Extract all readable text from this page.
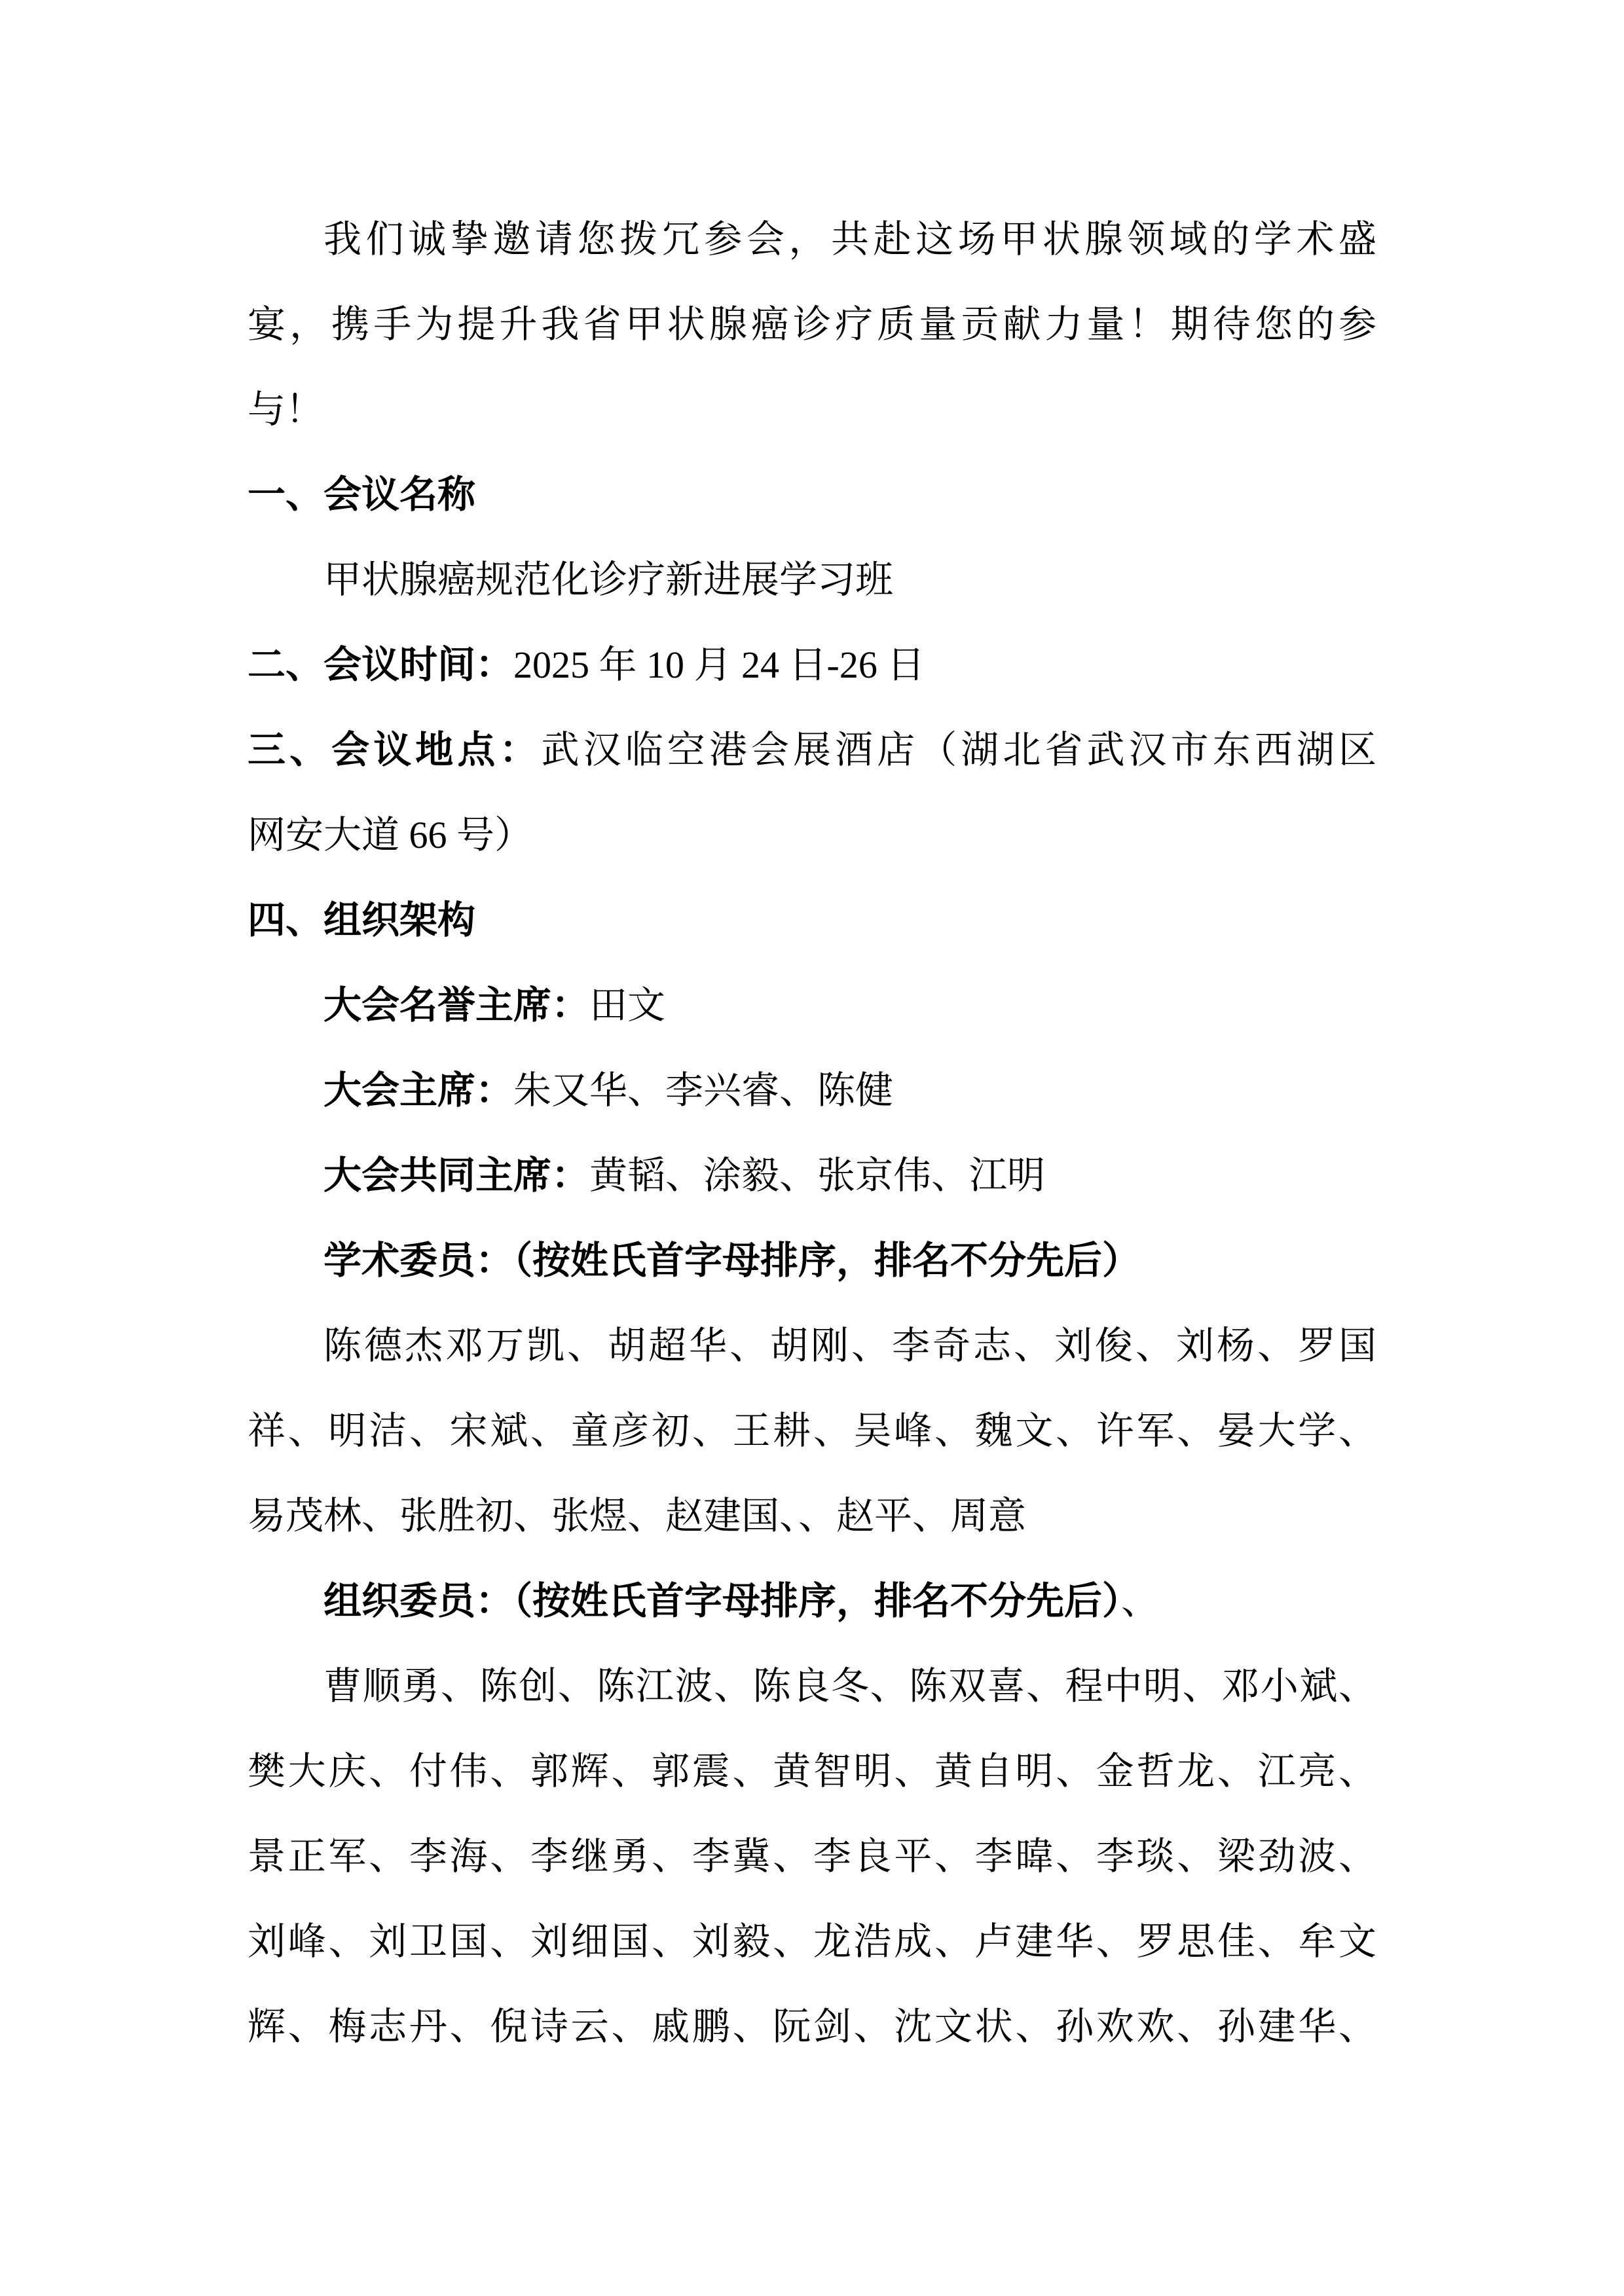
我们诚挚邀请您拨冗参会，共赴这场甲状腺领域的学术盛
宴，携手为提升我省甲状腺癌诊疗质量贡献力量！期待您的参
与！
一、会议名称
甲状腺癌规范化诊疗新进展学习班
二、会议时间：2025 年 10 月 24 日-26 日
三、会议地点：武汉临空港会展酒店（湖北省武汉市东西湖区
网安大道 66 号）
四、组织架构
大会名誉主席：田文
大会主席：朱又华、李兴睿、陈健
大会共同主席：黄韬、涂毅、张京伟、江明
学术委员：（按姓氏首字母排序，排名不分先后）
陈德杰邓万凯、胡超华、胡刚、李奇志、刘俊、刘杨、罗国
祥、明洁、宋斌、童彦初、王耕、吴峰、魏文、许军、晏大学、
易茂林、张胜初、张煜、赵建国、、赵平、周意
组织委员：（按姓氏首字母排序，排名不分先后）、
曹顺勇、陈创、陈江波、陈良冬、陈双喜、程中明、邓小斌、
樊大庆、付伟、郭辉、郭震、黄智明、黄自明、金哲龙、江亮、
景正军、李海、李继勇、李冀、李良平、李暐、李琰、梁劲波、
刘峰、刘卫国、刘细国、刘毅、龙浩成、卢建华、罗思佳、牟文
辉、梅志丹、倪诗云、戚鹏、阮剑、沈文状、孙欢欢、孙建华、
